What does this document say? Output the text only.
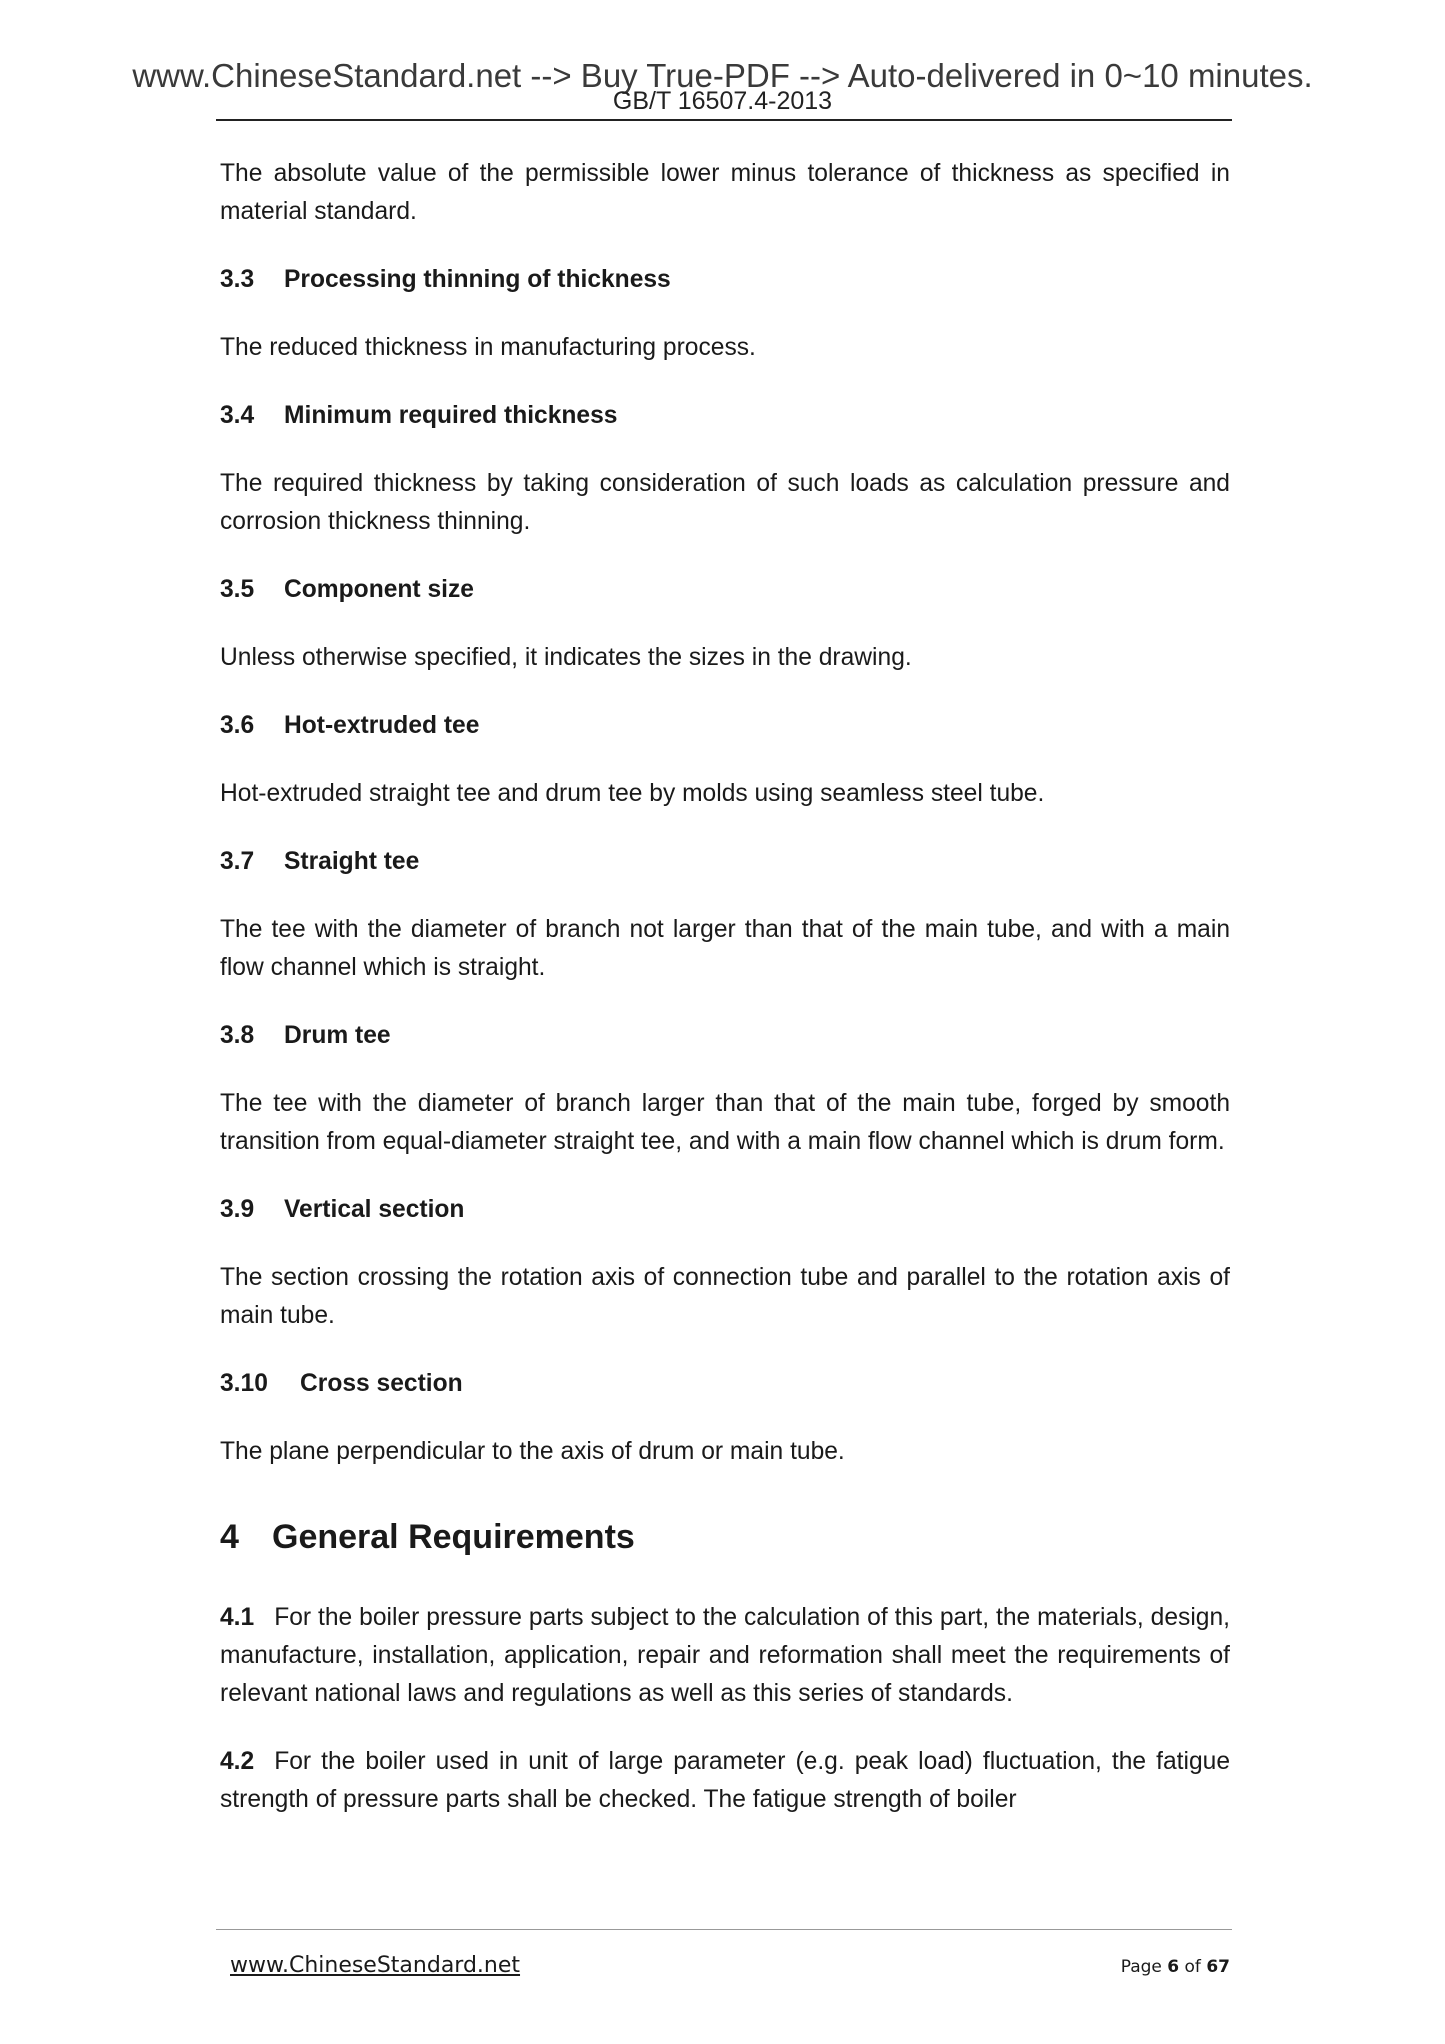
www.ChineseStandard.net --> Buy True-PDF --> Auto-delivered in 0~10 minutes.
GB/T 16507.4-2013

The absolute value of the permissible lower minus tolerance of thickness as specified in material standard.

3.3	Processing thinning of thickness

The reduced thickness in manufacturing process.

3.4	Minimum required thickness

The required thickness by taking consideration of such loads as calculation pressure and corrosion thickness thinning.

3.5	Component size

Unless otherwise specified, it indicates the sizes in the drawing.

3.6	Hot-extruded tee

Hot-extruded straight tee and drum tee by molds using seamless steel tube.

3.7	Straight tee

The tee with the diameter of branch not larger than that of the main tube, and with a main flow channel which is straight.

3.8	Drum tee

The tee with the diameter of branch larger than that of the main tube, forged by smooth transition from equal-diameter straight tee, and with a main flow channel which is drum form.

3.9	Vertical section

The section crossing the rotation axis of connection tube and parallel to the rotation axis of main tube.

3.10	Cross section

The plane perpendicular to the axis of drum or main tube.

4 General Requirements

4.1 For the boiler pressure parts subject to the calculation of this part, the materials, design, manufacture, installation, application, repair and reformation shall meet the requirements of relevant national laws and regulations as well as this series of standards.

4.2 For the boiler used in unit of large parameter (e.g. peak load) fluctuation, the fatigue strength of pressure parts shall be checked. The fatigue strength of boiler

www.ChineseStandard.net	Page 6 of 67
